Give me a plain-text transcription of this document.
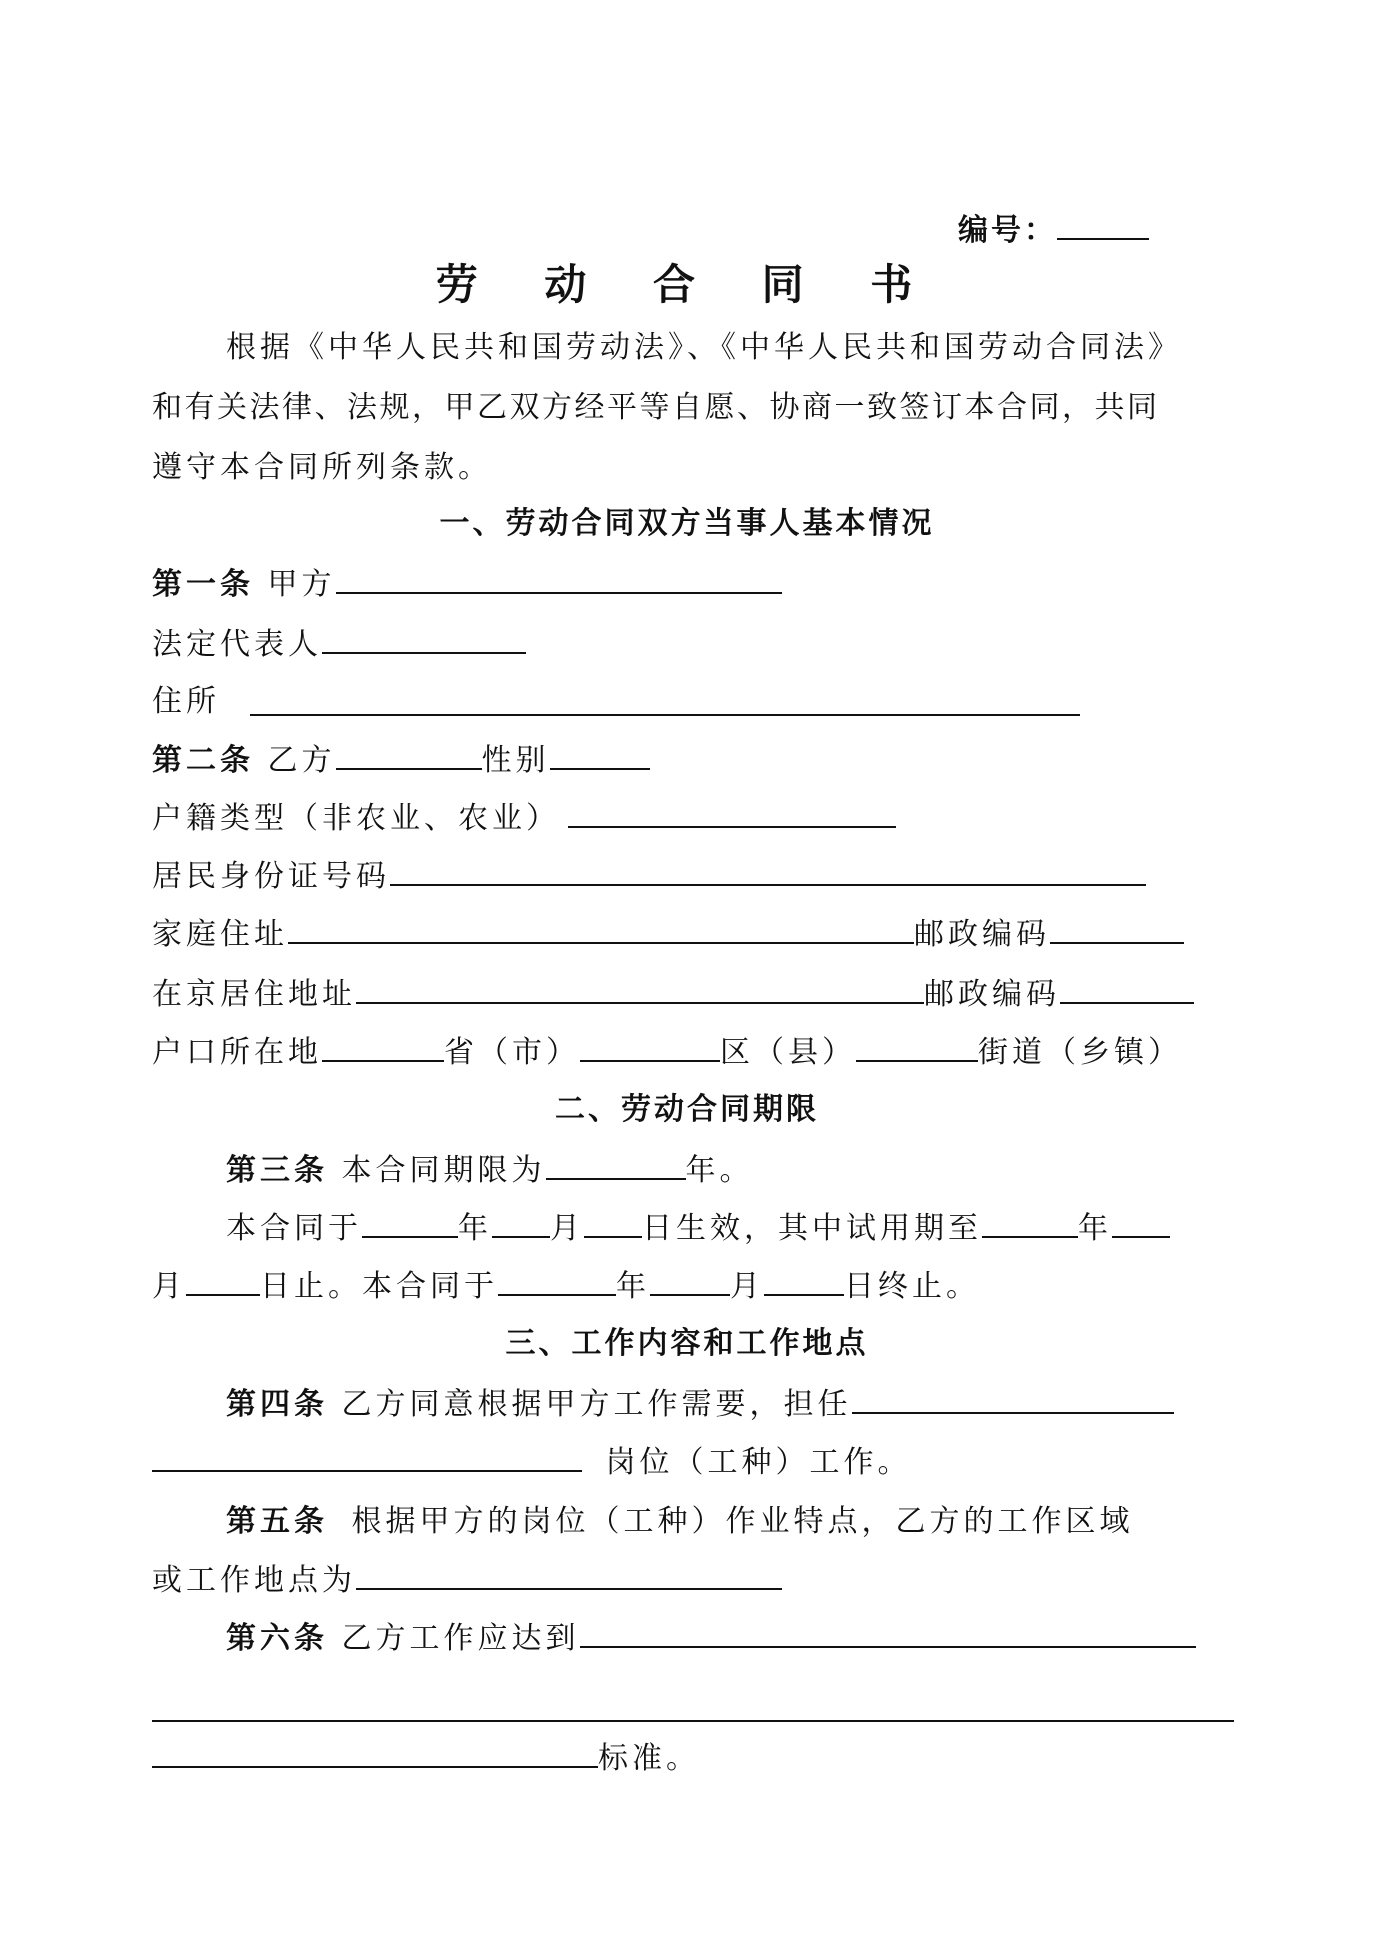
编号：
劳 动 合 同 书
根据《中华人民共和国劳动法》、《中华人民共和国劳动合同法》
和有关法律、法规，甲乙双方经平等自愿、协商一致签订本合同，共同
遵守本合同所列条款。
一、劳动合同双方当事人基本情况
第一条 甲方
法定代表人
住所
第二条 乙方	性别
户籍类型（非农业、农业）
居民身份证号码
家庭住址	邮政编码
在京居住地址	邮政编码
户口所在地	省（市）	区（县）	街道（乡镇）
二、劳动合同期限
第三条 本合同期限为	年。
本合同于	年 月 日生效，其中试用期至	年
月 日止。本合同于	年	月	日终止。
三、工作内容和工作地点
第四条 乙方同意根据甲方工作需要，担任
岗位（工种）工作。
第五条 根据甲方的岗位（工种）作业特点，乙方的工作区域
或工作地点为
第六条 乙方工作应达到
标准。
